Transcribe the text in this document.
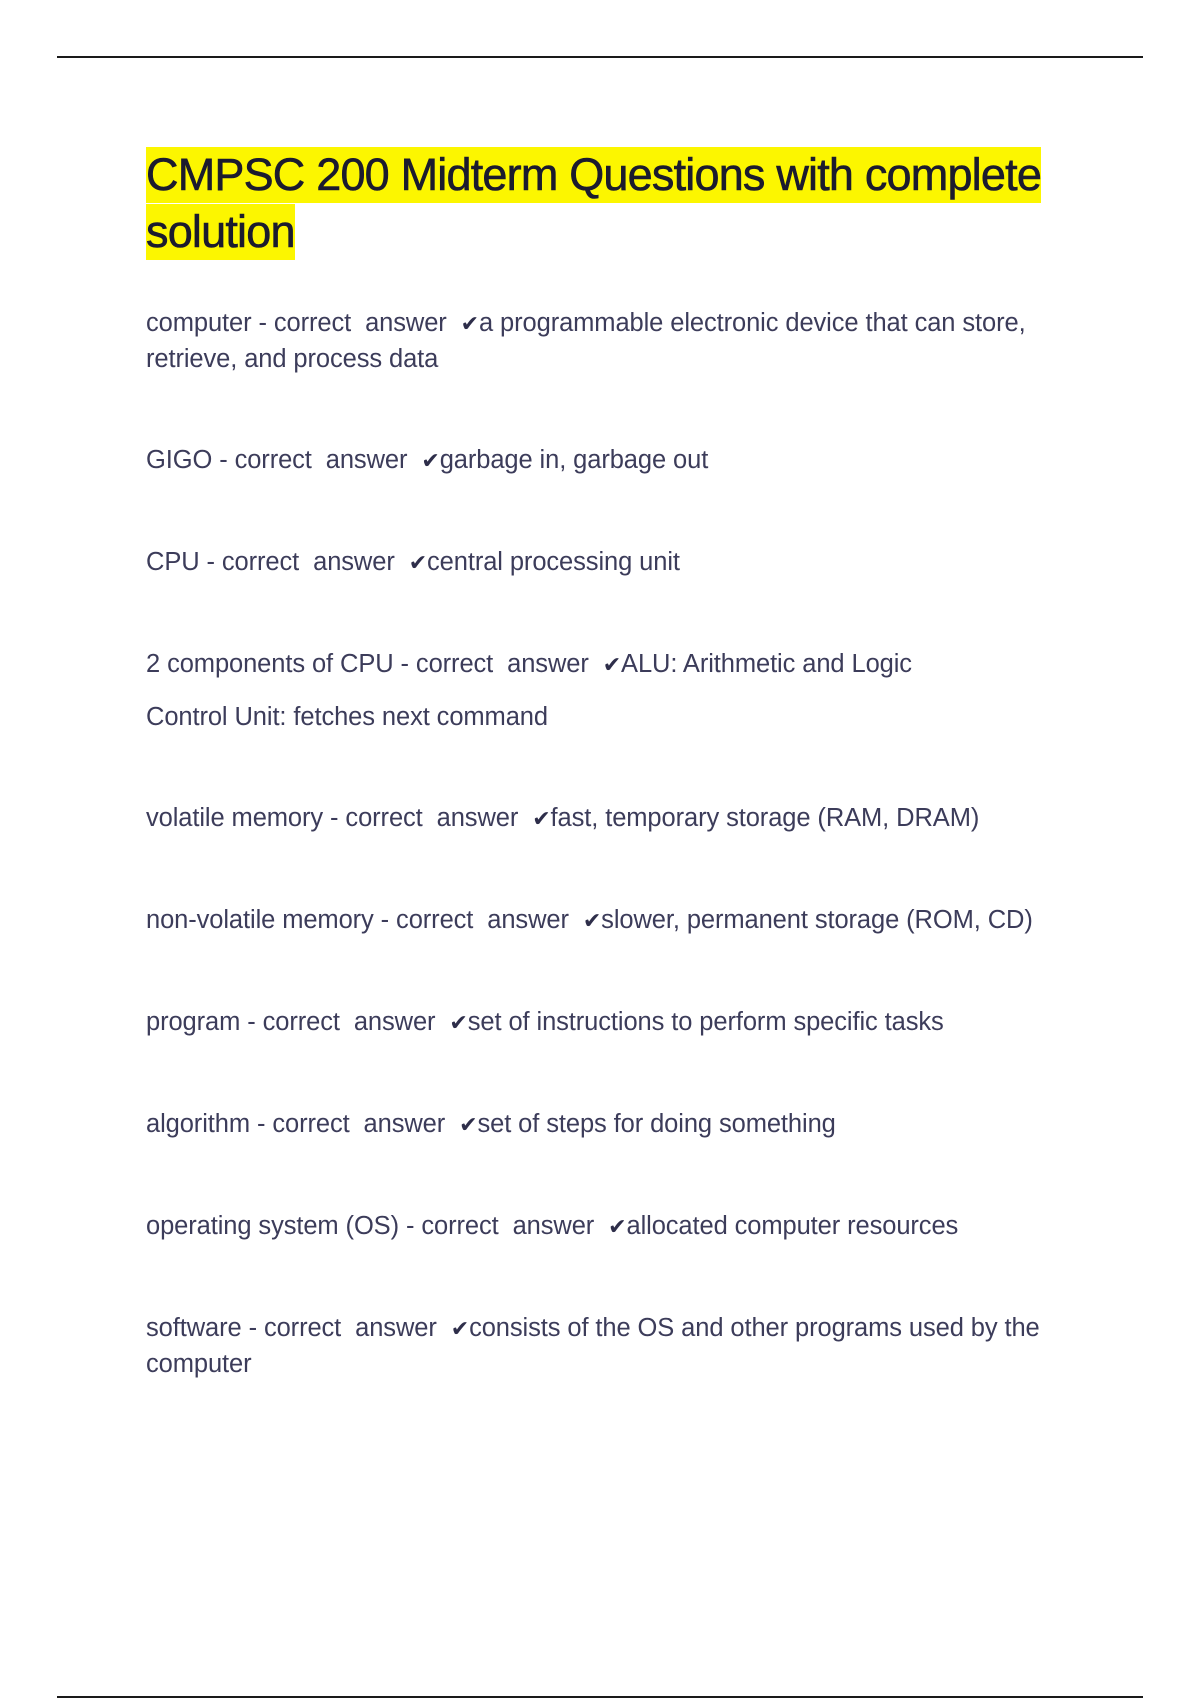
CMPSC 200 Midterm Questions with complete solution
computer - correct  answer  ✔a programmable electronic device that can store, retrieve, and process data
GIGO - correct  answer  ✔garbage in, garbage out
CPU - correct  answer  ✔central processing unit
2 components of CPU - correct  answer  ✔ALU: Arithmetic and Logic
Control Unit: fetches next command
volatile memory - correct  answer  ✔fast, temporary storage (RAM, DRAM)
non-volatile memory - correct  answer  ✔slower, permanent storage (ROM, CD)
program - correct  answer  ✔set of instructions to perform specific tasks
algorithm - correct  answer  ✔set of steps for doing something
operating system (OS) - correct  answer  ✔allocated computer resources
software - correct  answer  ✔consists of the OS and other programs used by the computer
